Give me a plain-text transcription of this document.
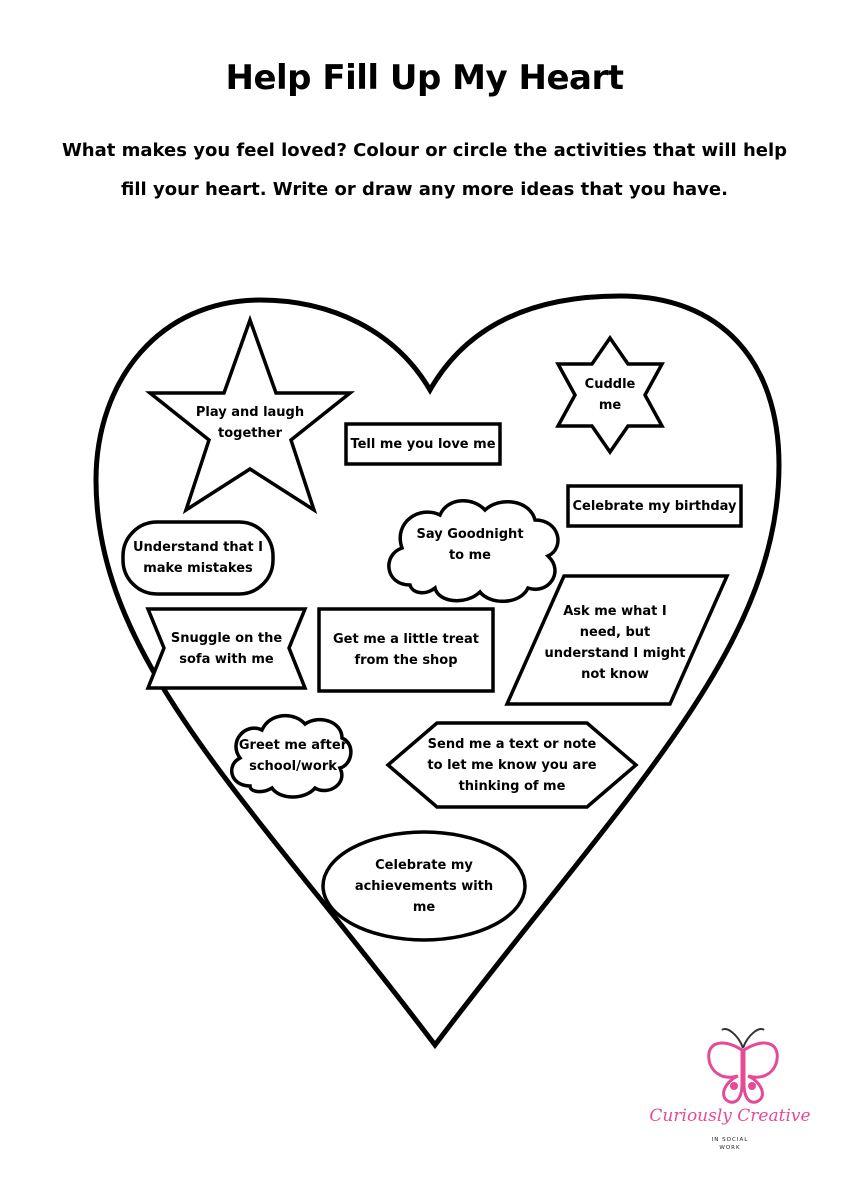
Help Fill Up My Heart

What makes you feel loved? Colour or circle the activities that will help

fill your heart. Write or draw any more ideas that you have.

Play and laugh
together
Tell me you love me
Cuddle
me
Celebrate my birthday
Say Goodnight
to me
Understand that I
make mistakes
Snuggle on the
sofa with me
Get me a little treat
from the shop
Ask me what I
need, but
understand I might
not know
Greet me after
school/work
Send me a text or note
to let me know you are
thinking of me
Celebrate my
achievements with
me
Curiously Creative
IN SOCIAL
WORK
